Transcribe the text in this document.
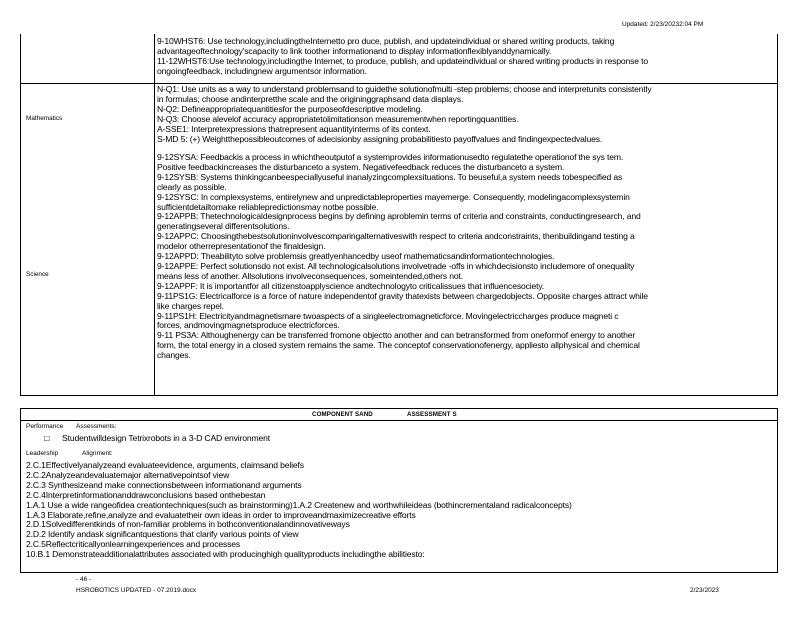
Updated: 2/23/20232:04 PM
9-10WHST6: Use technology,includingtheInternetto pro duce, publish, and updateindividual or shared writing products, taking
advantageoftechnology'scapacity to link toother informationand to display informationflexiblyanddynamically.
11-12WHST6:Use technology,includingthe Internet, to produce, publish, and updateindividual or shared writing products in response to
ongoingfeedback, includingnew argumentsor information.
Mathematics
N-Q1: Use units as a way to understand problemsand to guidethe solutionofmulti -step problems; choose and interpretunits consistently
in formulas; choose andinterpretthe scale and the origininggraphsand data displays.
N-Q2: Defineappropriatequantitiesfor the purposeofdescriptive modeling.
N-Q3: Choose alevelof accuracy appropriatetolimitationson measurementwhen reportingquantities.
A-SSE1: Interpretexpressions thatrepresent aquantityinterms of its context.
S-MD 5: (+) Weightthepossibleoutcomes of adecisionby assigning probabilitiesto payoffvalues and findingexpectedvalues.
Science
9-12SYSA: Feedbackis a process in whichtheoutputof a systemprovides informationusedto regulatethe operationof the sys tem.
Positive feedbackincreases the disturbanceto a system. Negativefeedback reduces the disturbanceto a system.
9-12SYSB: Systems thinkingcanbeespeciallyuseful inanalyzingcomplexsituations. To beuseful,a system needs tobespecified as
clearly as possible.
9-12SYSC: In complexsystems, entirelynew and unpredictableproperties mayemerge. Consequently, modelingacomplexsystemin
sufficientdetailtomake reliablepredictionsmay notbe possible.
9-12APPB: Thetechnologicaldesignprocess begins by defining aproblemin terms of criteria and constraints, conductingresearch, and
generatingseveral differentsolutions.
9-12APPC: Choosingthebestsolutioninvolvescomparingalternativeswith respect to criteria andconstraints, thenbuildingand testing a
modelor otherrepresentationof the finaldesign.
9-12APPD: Theabilityto solve problemsis greatlyenhancedby useof mathematicsandinformationtechnologies.
9-12APPE: Perfect solutionsdo not exist. All technologicalsolutions involvetrade -offs in whichdecisionsto includemore of onequality
means less of another. Allsolutions involveconsequences, someintended,others not.
9-12APPF: It is importantfor all citizenstoapplyscience andtechnologyto criticalissues that influencesociety.
9-11PS1G: Electricalforce is a force of nature independentof gravity thatexists between chargedobjects. Opposite charges attract while
like charges repel.
9-11PS1H: Electricityandmagnetismare twoaspects of a singleelectromagneticforce. Movingelectriccharges produce magneti c
forces, andmovingmagnetsproduce electricforces.
9-11 PS3A: Althoughenergy can be transferred fromone objectto another and can betransformed from oneformof energy to another
form, the total energy in a closed system remains the same. The conceptof conservationofenergy, appliesto allphysical and chemical
changes.
COMPONENT SAND	ASSESSMENT S
Performance Assessments:
□ Studentwilldesign Tetrixrobots in a 3-D CAD environment
Leadership	Alignment:
2.C.1Effectivelyanalyzeand evaluateevidence, arguments, claimsand beliefs
2.C.2Analyzeandevaluatemajor alternativepointsof view
2.C.3 Synthesizeand make connectionsbetween informationand arguments
2.C.4Interpretinformationanddrawconclusions based onthebestan
1.A.1 Use a wide rangeofidea creationtechniques(such as brainstorming)1.A.2 Createnew and worthwhileideas (bothincrementaland radicalconcepts)
1.A.3 Elaborate,refine,analyze and evaluatetheir own ideas in order to improveandmaximizecreative efforts
2.D.1Solvedifferentkinds of non-familiar problems in bothconventionalandinnovativeways
2.D.2 Identify andask significantquestions that clarify various points of view
2.C.5Reflectcriticallyonlearningexperiences and processes
10.B.1 Demonstrateadditionalattributes associated with producinghigh qualityproducts includingthe abilitiesto:
- 46 -
HSROBOTICS UPDATED - 07.2019.docx	2/23/2023
